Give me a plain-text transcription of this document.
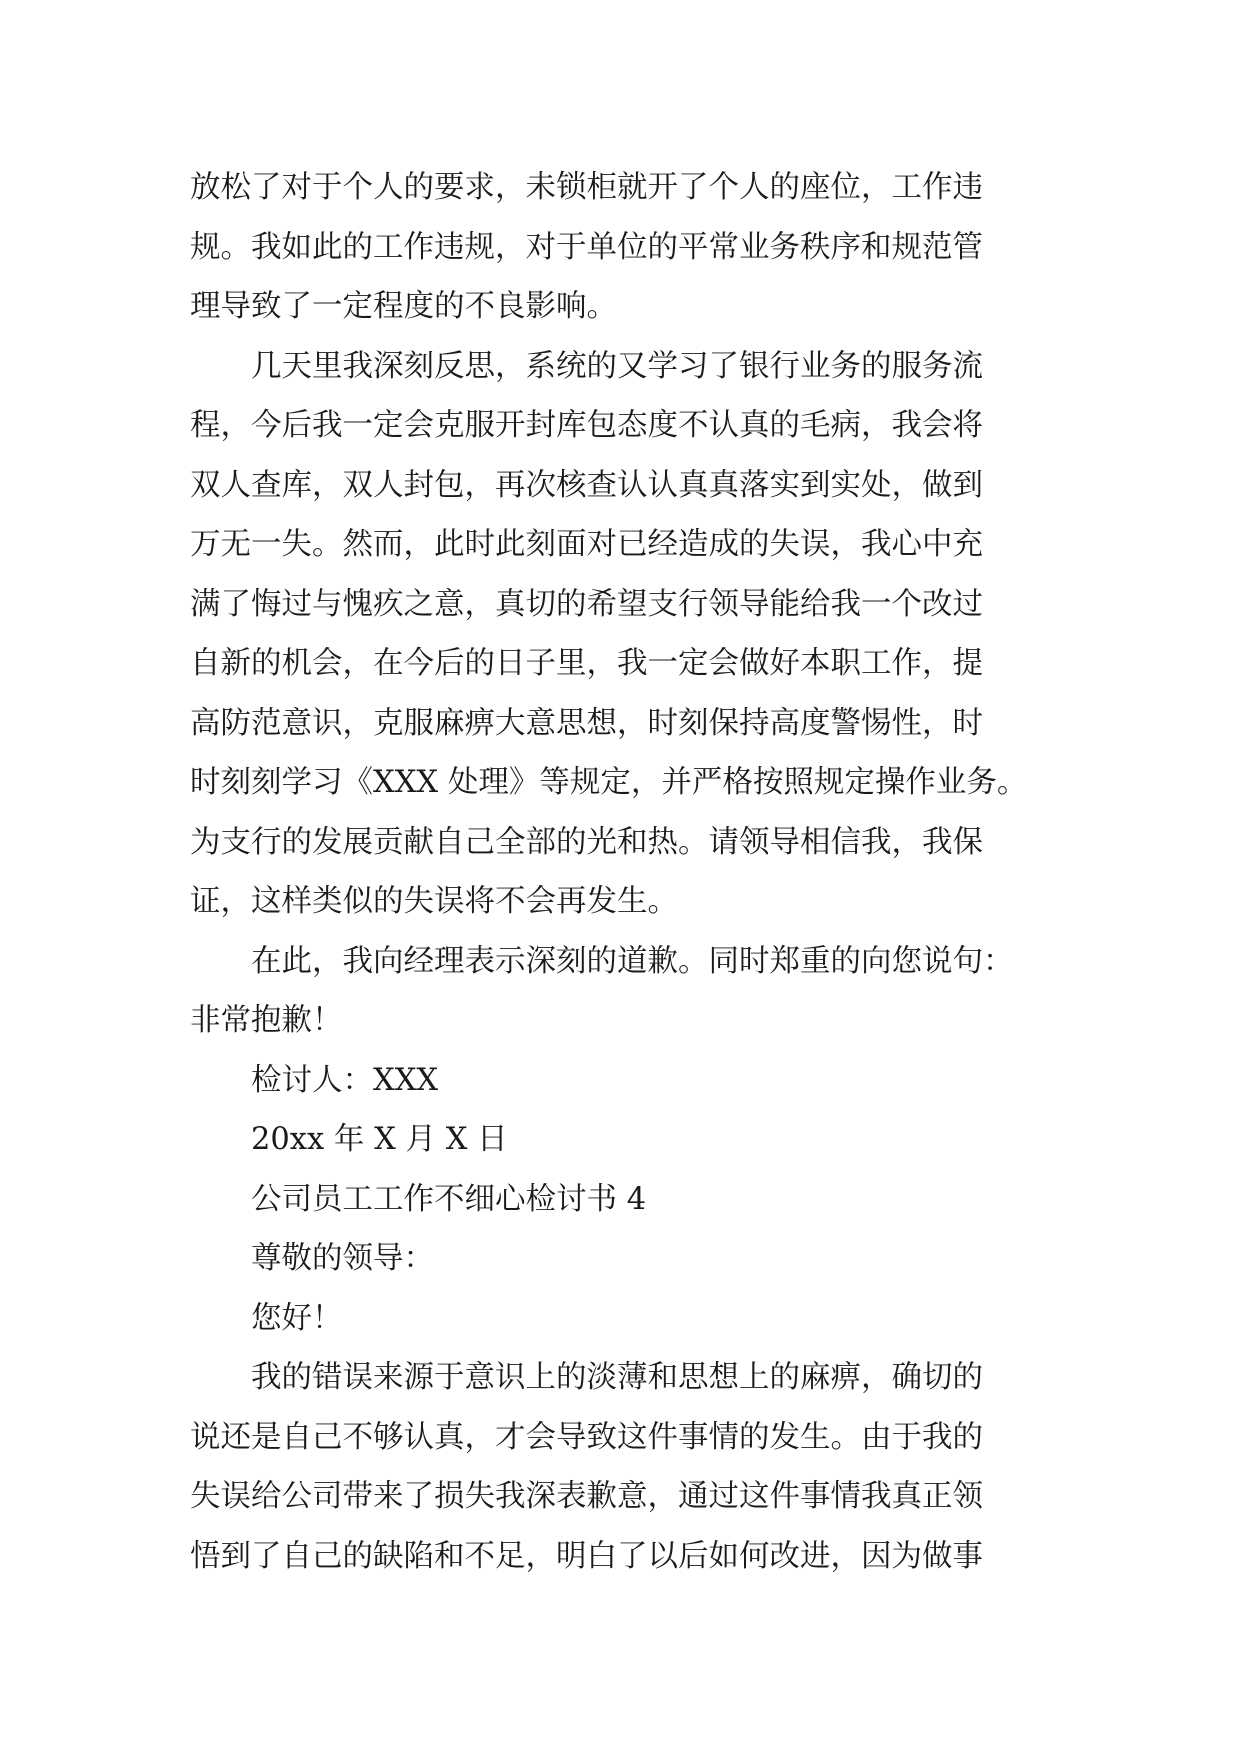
放松了对于个人的要求，未锁柜就开了个人的座位，工作违
规。我如此的工作违规，对于单位的平常业务秩序和规范管
理导致了一定程度的不良影响。
几天里我深刻反思，系统的又学习了银行业务的服务流
程，今后我一定会克服开封库包态度不认真的毛病，我会将
双人查库，双人封包，再次核查认认真真落实到实处，做到
万无一失。然而，此时此刻面对已经造成的失误，我心中充
满了悔过与愧疚之意，真切的希望支行领导能给我一个改过
自新的机会，在今后的日子里，我一定会做好本职工作，提
高防范意识，克服麻痹大意思想，时刻保持高度警惕性，时
时刻刻学习《XXX 处理》等规定，并严格按照规定操作业务。
为支行的发展贡献自己全部的光和热。请领导相信我，我保
证，这样类似的失误将不会再发生。
在此，我向经理表示深刻的道歉。同时郑重的向您说句：
非常抱歉！
检讨人：XXX
20xx 年 X 月 X 日
公司员工工作不细心检讨书 4
尊敬的领导：
您好！
我的错误来源于意识上的淡薄和思想上的麻痹，确切的
说还是自己不够认真，才会导致这件事情的发生。由于我的
失误给公司带来了损失我深表歉意，通过这件事情我真正领
悟到了自己的缺陷和不足，明白了以后如何改进，因为做事
